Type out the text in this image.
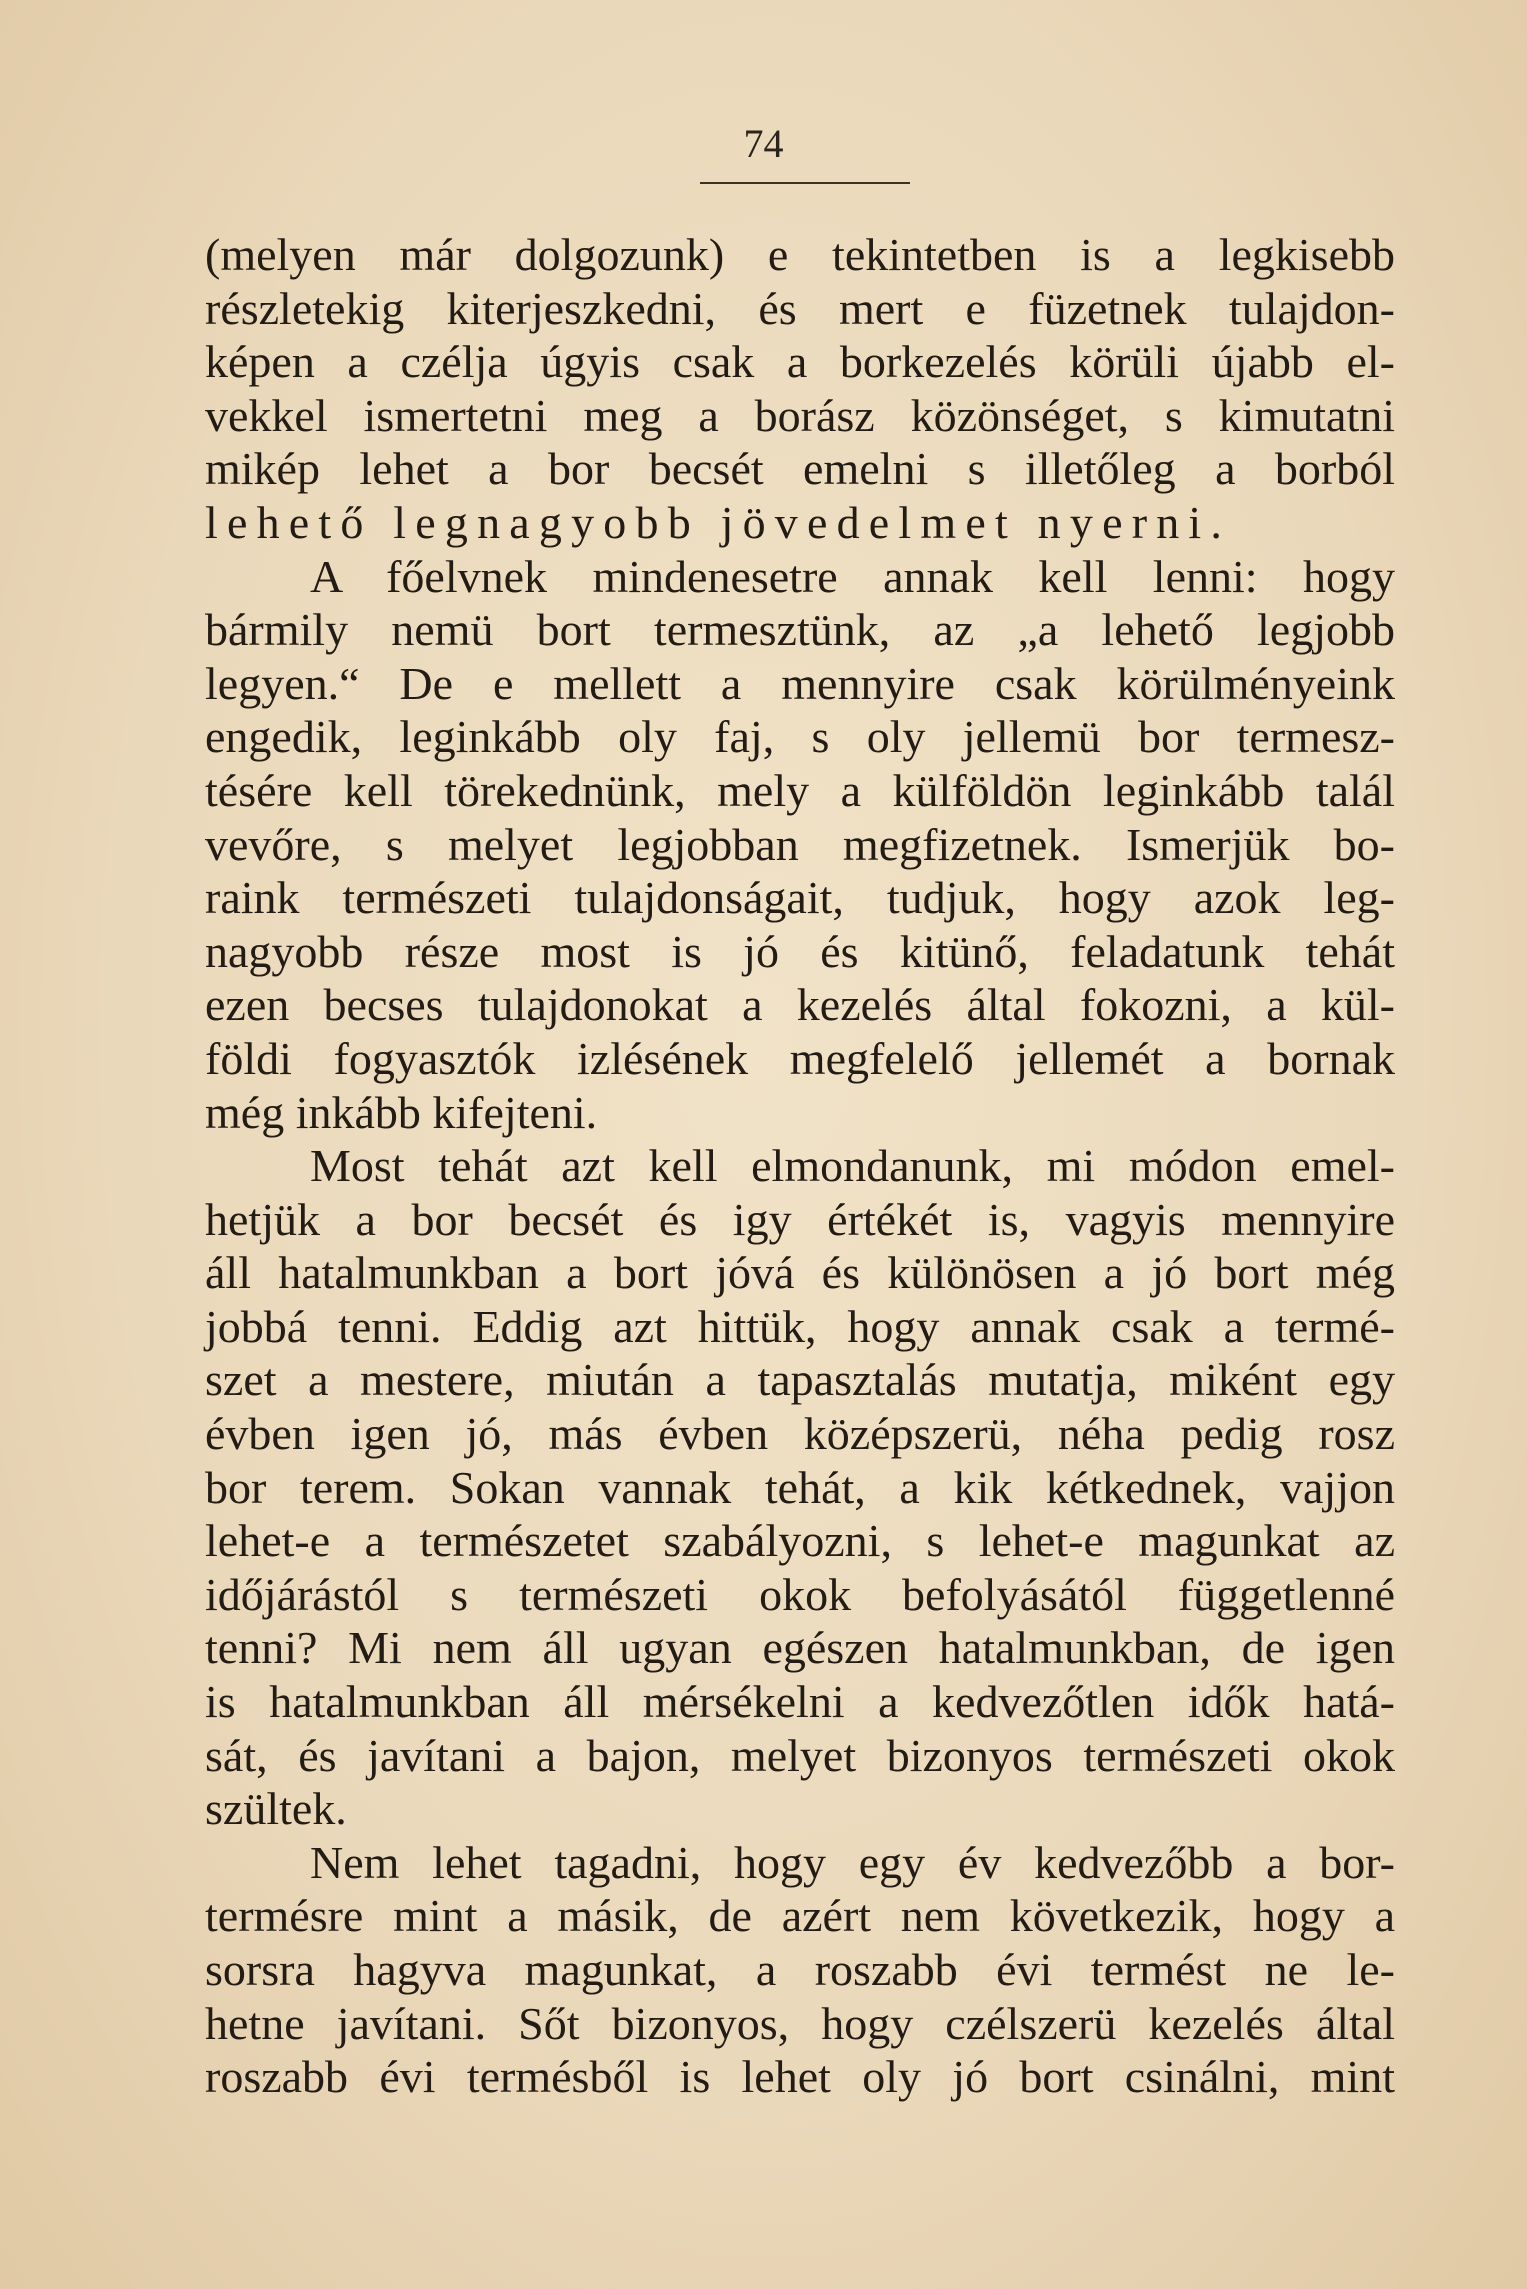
74
(melyen már dolgozunk) e tekintetben is a legkisebb
részletekig kiterjeszkedni, és mert e füzetnek tulajdon-
képen a czélja úgyis csak a borkezelés körüli újabb el-
vekkel ismertetni meg a borász közönséget, s kimutatni
mikép lehet a bor becsét emelni s illetőleg a borból
lehető legnagyobb jövedelmet nyerni.
A főelvnek mindenesetre annak kell lenni: hogy
bármily nemü bort termesztünk, az „a lehető legjobb
legyen.“ De e mellett a mennyire csak körülményeink
engedik, leginkább oly faj, s oly jellemü bor termesz-
tésére kell törekednünk, mely a külföldön leginkább talál
vevőre, s melyet legjobban megfizetnek. Ismerjük bo-
raink természeti tulajdonságait, tudjuk, hogy azok leg-
nagyobb része most is jó és kitünő, feladatunk tehát
ezen becses tulajdonokat a kezelés által fokozni, a kül-
földi fogyasztók izlésének megfelelő jellemét a bornak
még inkább kifejteni.
Most tehát azt kell elmondanunk, mi módon emel-
hetjük a bor becsét és igy értékét is, vagyis mennyire
áll hatalmunkban a bort jóvá és különösen a jó bort még
jobbá tenni. Eddig azt hittük, hogy annak csak a termé-
szet a mestere, miután a tapasztalás mutatja, miként egy
évben igen jó, más évben középszerü, néha pedig rosz
bor terem. Sokan vannak tehát, a kik kétkednek, vajjon
lehet-e a természetet szabályozni, s lehet-e magunkat az
időjárástól s természeti okok befolyásától függetlenné
tenni? Mi nem áll ugyan egészen hatalmunkban, de igen
is hatalmunkban áll mérsékelni a kedvezőtlen idők hatá-
sát, és javítani a bajon, melyet bizonyos természeti okok
szültek.
Nem lehet tagadni, hogy egy év kedvezőbb a bor-
termésre mint a másik, de azért nem következik, hogy a
sorsra hagyva magunkat, a roszabb évi termést ne le-
hetne javítani. Sőt bizonyos, hogy czélszerü kezelés által
roszabb évi termésből is lehet oly jó bort csinálni, mint
